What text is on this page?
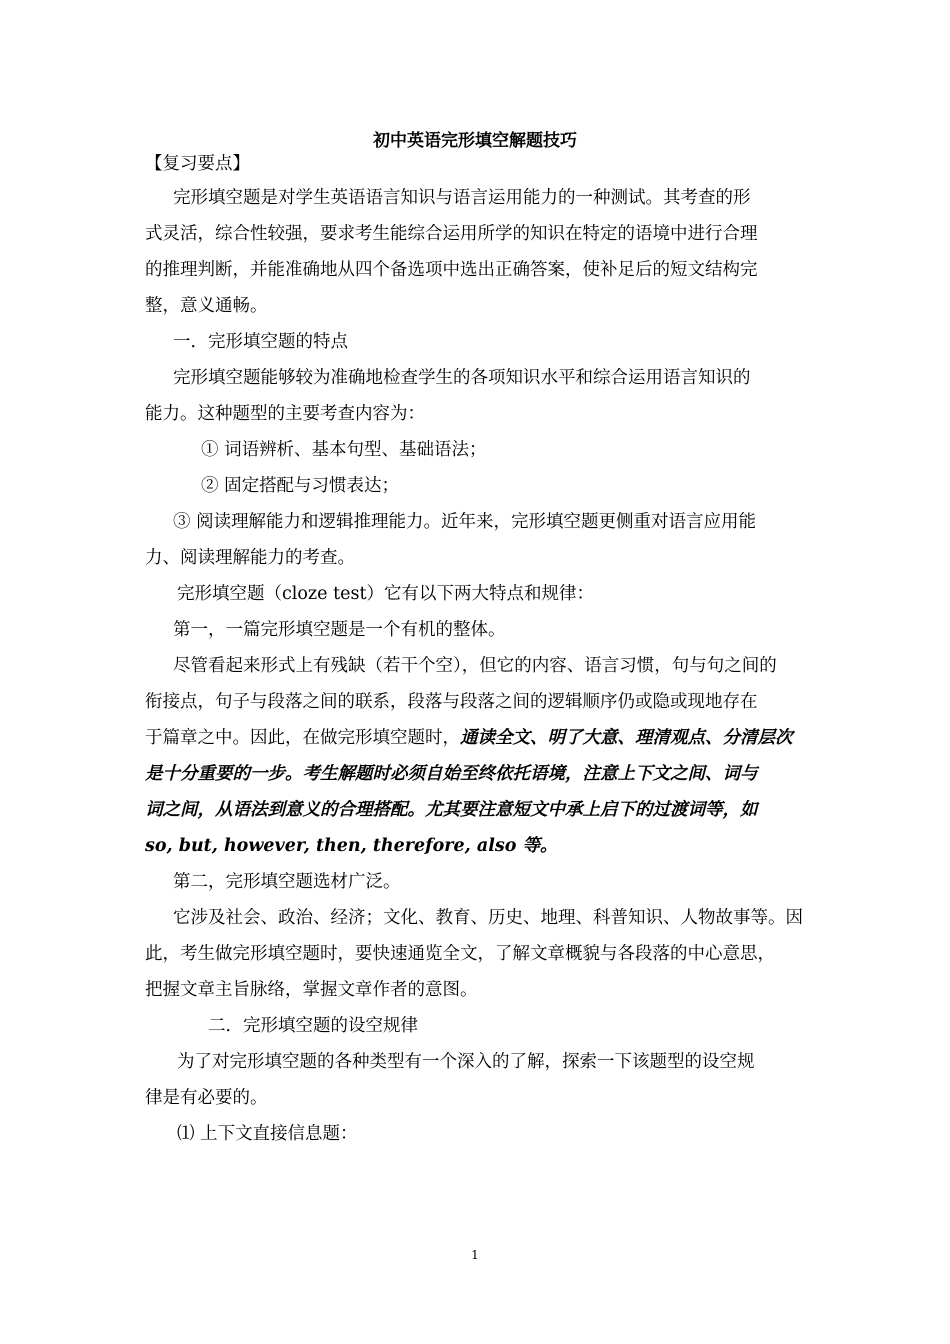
初中英语完形填空解题技巧
【复习要点】
完形填空题是对学生英语语言知识与语言运用能力的一种测试。其考查的形
式灵活，综合性较强，要求考生能综合运用所学的知识在特定的语境中进行合理
的推理判断，并能准确地从四个备选项中选出正确答案，使补足后的短文结构完
整，意义通畅。
一．完形填空题的特点
完形填空题能够较为准确地检查学生的各项知识水平和综合运用语言知识的
能力。这种题型的主要考查内容为：
① 词语辨析、基本句型、基础语法；
② 固定搭配与习惯表达；
③ 阅读理解能力和逻辑推理能力。近年来，完形填空题更侧重对语言应用能
力、阅读理解能力的考查。
完形填空题（cloze test）它有以下两大特点和规律：
第一，一篇完形填空题是一个有机的整体。
尽管看起来形式上有残缺（若干个空），但它的内容、语言习惯，句与句之间的
衔接点，句子与段落之间的联系，段落与段落之间的逻辑顺序仍或隐或现地存在
于篇章之中。因此，在做完形填空题时，通读全文、明了大意、理清观点、分清层次
是十分重要的一步。考生解题时必须自始至终依托语境，注意上下文之间、词与
词之间，从语法到意义的合理搭配。尤其要注意短文中承上启下的过渡词等，如
so, but, however, then, therefore, also 等。
第二，完形填空题选材广泛。
它涉及社会、政治、经济；文化、教育、历史、地理、科普知识、人物故事等。因
此，考生做完形填空题时，要快速通览全文，了解文章概貌与各段落的中心意思，
把握文章主旨脉络，掌握文章作者的意图。
二．完形填空题的设空规律
为了对完形填空题的各种类型有一个深入的了解，探索一下该题型的设空规
律是有必要的。
⑴ 上下文直接信息题：
1
